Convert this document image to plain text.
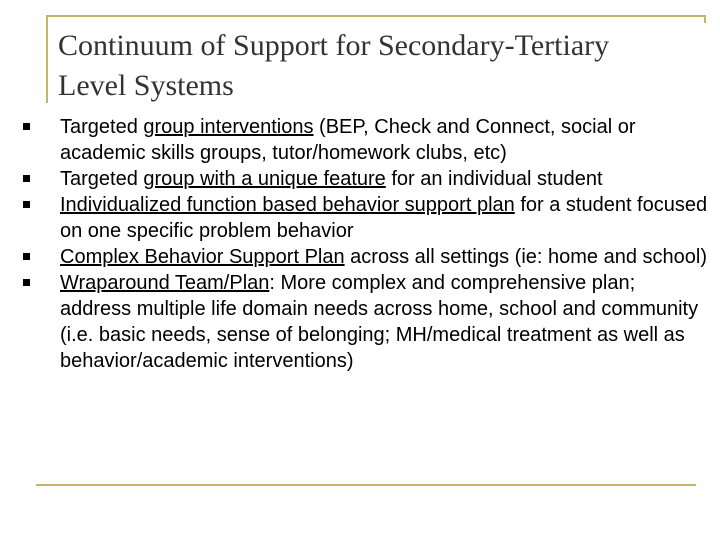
Continuum of Support for Secondary-Tertiary Level Systems
Targeted group interventions (BEP, Check and Connect, social or academic skills groups, tutor/homework clubs, etc)
Targeted group with a unique feature for an individual student
Individualized function based behavior support plan for a student focused on one specific problem behavior
Complex Behavior Support Plan across all settings (ie: home and school)
Wraparound Team/Plan: More complex and comprehensive plan; address multiple life domain needs across home, school and community (i.e. basic needs, sense of belonging; MH/medical treatment as well as behavior/academic interventions)
